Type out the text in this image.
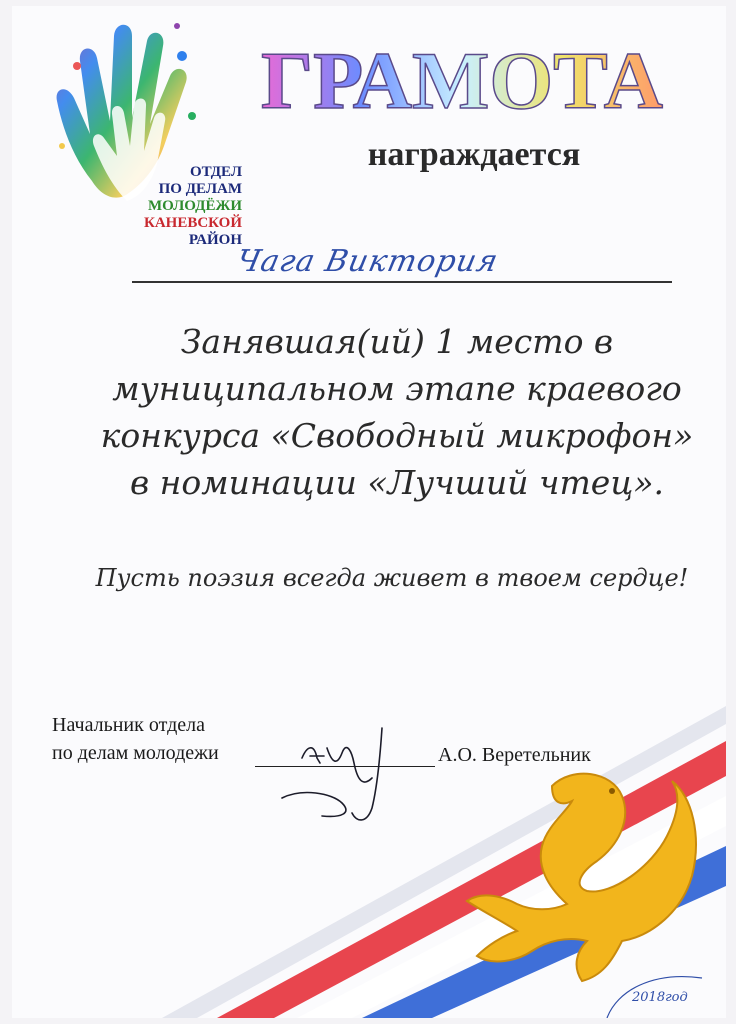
ОТДЕЛ
ПО ДЕЛАМ
МОЛОДЁЖИ
КАНЕВСКОЙ
РАЙОН
ГРАМОТА
награждается
Чага Виктория
Занявшая(ий) 1 место в
муниципальном этапе краевого
конкурса «Свободный микрофон»
в номинации «Лучший чтец».
Пусть поэзия всегда живет в твоем сердце!
Начальник отдела
по делам молодежи	А.О. Веретельник
2018год
